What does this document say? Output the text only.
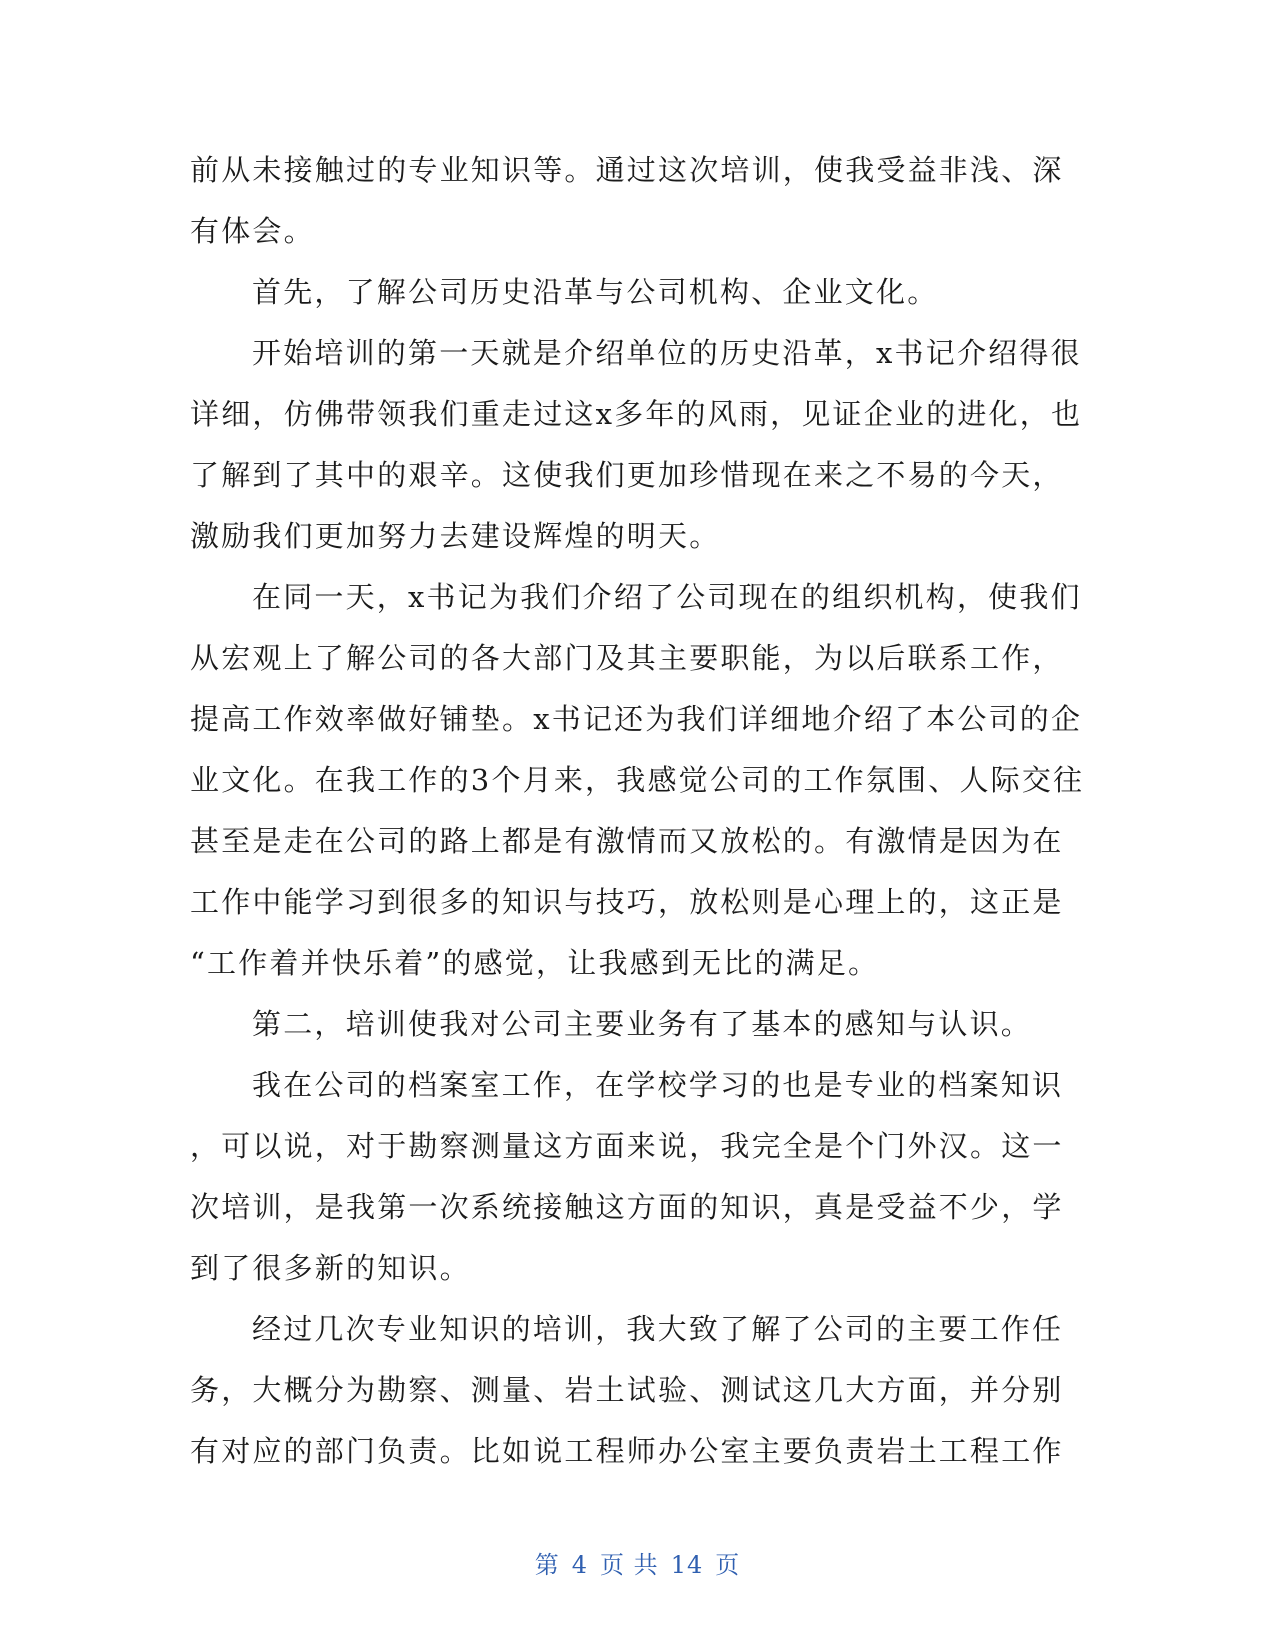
前从未接触过的专业知识等。通过这次培训，使我受益非浅、深
有体会。
首先，了解公司历史沿革与公司机构、企业文化。
开始培训的第一天就是介绍单位的历史沿革，x书记介绍得很
详细，仿佛带领我们重走过这x多年的风雨，见证企业的进化，也
了解到了其中的艰辛。这使我们更加珍惜现在来之不易的今天，
激励我们更加努力去建设辉煌的明天。
在同一天，x书记为我们介绍了公司现在的组织机构，使我们
从宏观上了解公司的各大部门及其主要职能，为以后联系工作，
提高工作效率做好铺垫。x书记还为我们详细地介绍了本公司的企
业文化。在我工作的3个月来，我感觉公司的工作氛围、人际交往
甚至是走在公司的路上都是有激情而又放松的。有激情是因为在
工作中能学习到很多的知识与技巧，放松则是心理上的，这正是
“工作着并快乐着”的感觉，让我感到无比的满足。
第二，培训使我对公司主要业务有了基本的感知与认识。
我在公司的档案室工作，在学校学习的也是专业的档案知识
，可以说，对于勘察测量这方面来说，我完全是个门外汉。这一
次培训，是我第一次系统接触这方面的知识，真是受益不少，学
到了很多新的知识。
经过几次专业知识的培训，我大致了解了公司的主要工作任
务，大概分为勘察、测量、岩土试验、测试这几大方面，并分别
有对应的部门负责。比如说工程师办公室主要负责岩土工程工作
第 4 页 共 14 页
